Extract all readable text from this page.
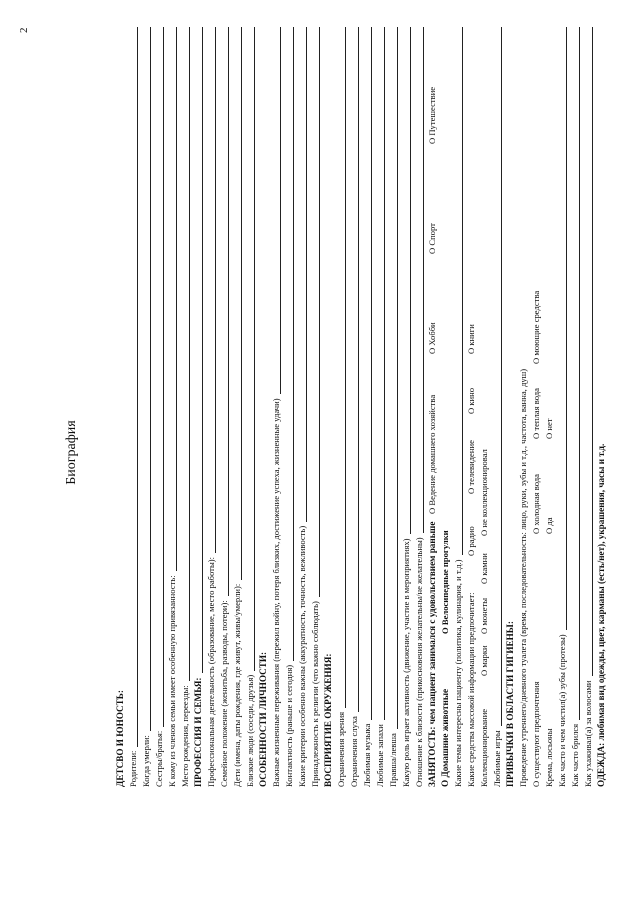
2
Биография
ДЕТСВО И ЮНОСТЬ: Родители: Когда умерли: Сестры/братья: К кому из членов семьи имеет особенную привязанность: Место рождения, переезды: ПРОФЕССИЯ И СЕМЬЯ: Профессиональная деятельность (образование, место работы): Семейное положение (женитьба, разводы, потери): Дети (имена, даты рождения, где живут, живы/умерли): Близкие люди (соседи, друзья) ОСОБЕННОСТИ ЛИЧНОСТИ: Важные жизненные переживания (пережил войну, потеря близких, достижение успеха, жизненные удачи) Контактность (раньше и сегодня) Какие критерии особенно важны (аккуратность, точность, вежливость) Принадлежность к религии (что важно соблюдать) ВОСПРИЯТИЕ ОКРУЖЕНИЯ: Ограничения зрения Ограничения слуха Любимая музыка Любимые запахи Правша/левша Какую роль играет активность (движение, участие в мероприятиях) Отношение к близости (прикосновения желательны/не желательны) ЗАНЯТОСТЬ: чем пациент занимался с удовольствием раньше
О Ведение домашнего хозяйства
О Хобби
О Спорт
О Путешествие
О Домашние животные
О Велосипедные прогулки Какие темы интересны пациенту (политика, кулинария, и т.д.) Какие средства массовой информации предпочитает:
О радио
О телевидение
О кино
О книги
Коллекционирование
О марки
О монеты
О камни
О не коллекционировал
Любимые игры ПРИВЫЧКИ В ОБЛАСТИ ГИГИЕНЫ: Проведение утреннего/дневного туалета (время, последовательность: лицо, руки, зубы и т.д., частота, ванна, душ) О существуют предпочтения
О холодная вода
О теплая вода
О моющие средства
Крема, лосьоны
О да
О нет
Как часто и чем чистил(а) зубы (протезы) Как часто брился Как ухаживал(а) за волосами ОДЕЖДА: любимая вид одежды, цвет, карманы (есть/нет), украшения, часы и т.д.
